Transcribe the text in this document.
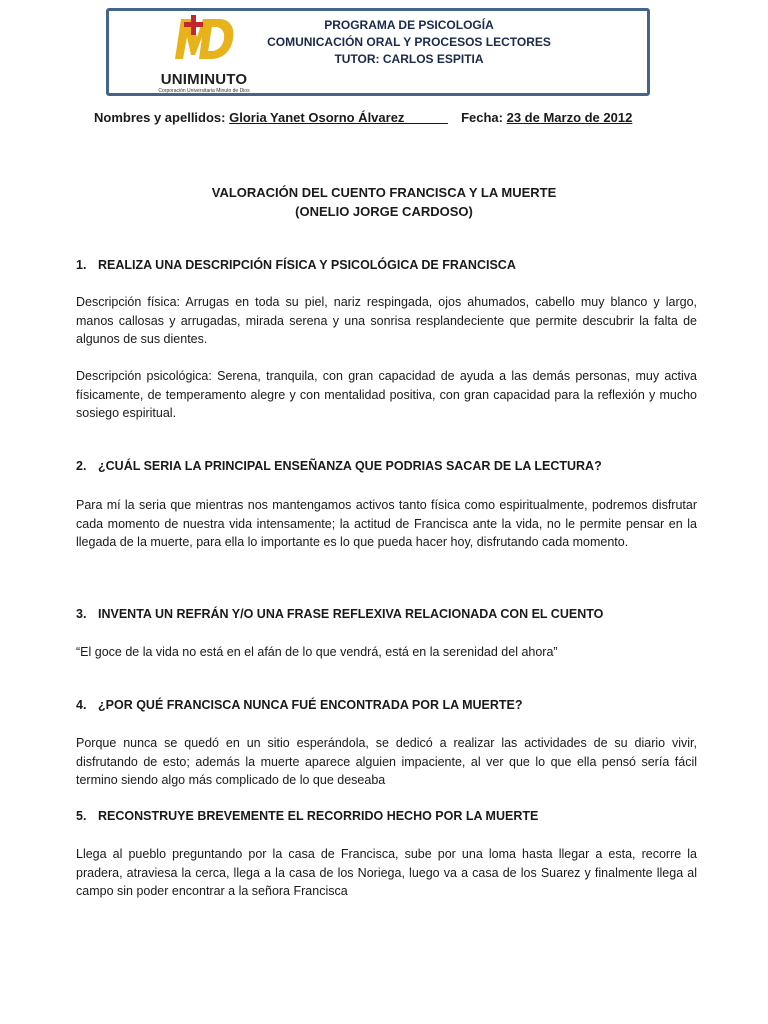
UNIMINUTO
Corporación Universitaria Minuto de Dios
PROGRAMA DE PSICOLOGÍA
COMUNICACIÓN ORAL Y PROCESOS LECTORES
TUTOR: CARLOS ESPITIA
Nombres y apellidos: Gloria Yanet Osorno Álvarez______ Fecha: 23 de Marzo de 2012
VALORACIÓN DEL CUENTO FRANCISCA Y LA MUERTE
(ONELIO JORGE CARDOSO)
1. REALIZA UNA DESCRIPCIÓN FÍSICA Y PSICOLÓGICA DE FRANCISCA
Descripción física: Arrugas en toda su piel, nariz respingada, ojos ahumados, cabello muy blanco y largo, manos callosas y arrugadas, mirada serena y una sonrisa resplandeciente que permite descubrir la falta de algunos de sus dientes.
Descripción psicológica: Serena, tranquila, con gran capacidad de ayuda a las demás personas, muy activa físicamente, de temperamento alegre y con mentalidad positiva, con gran capacidad para la reflexión y mucho sosiego espiritual.
2. ¿CUÁL SERIA LA PRINCIPAL ENSEÑANZA QUE PODRIAS SACAR DE LA LECTURA?
Para mí la seria que mientras nos mantengamos activos tanto física como espiritualmente, podremos disfrutar cada momento de nuestra vida intensamente; la actitud de Francisca ante la vida, no le permite pensar en la llegada de la muerte, para ella lo importante es lo que pueda hacer hoy, disfrutando cada momento.
3. INVENTA UN REFRÁN Y/O UNA FRASE REFLEXIVA RELACIONADA CON EL CUENTO
“El goce de la vida no está en el afán de lo que vendrá, está en la serenidad del ahora”
4. ¿POR QUÉ FRANCISCA NUNCA FUÉ ENCONTRADA POR LA MUERTE?
Porque nunca se quedó en un sitio esperándola, se dedicó a realizar las actividades de su diario vivir, disfrutando de esto; además la muerte aparece alguien impaciente, al ver que lo que ella pensó sería fácil termino siendo algo más complicado de lo que deseaba
5. RECONSTRUYE BREVEMENTE EL RECORRIDO HECHO POR LA MUERTE
Llega al pueblo preguntando por la casa de Francisca, sube por una loma hasta llegar a esta, recorre la pradera, atraviesa la cerca, llega a la casa de los Noriega, luego va a casa de los Suarez y finalmente llega al campo sin poder encontrar a la señora Francisca
